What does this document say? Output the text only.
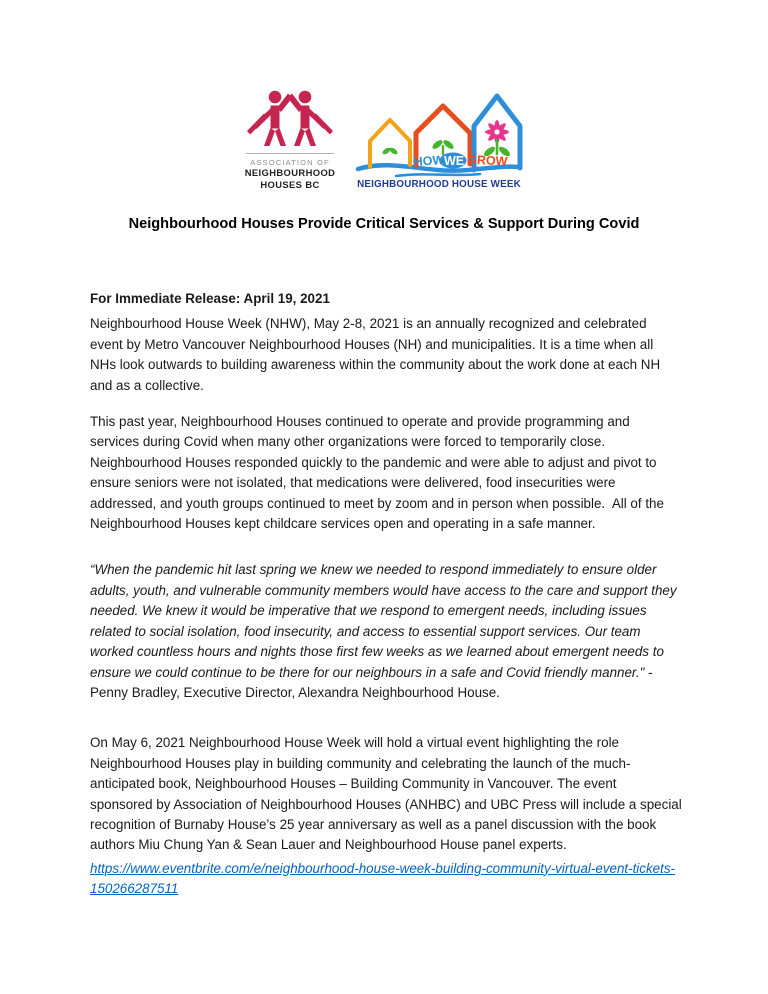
ASSOCIATION OF
NEIGHBOURHOOD
HOUSES BC
HOW WE GROW
NEIGHBOURHOOD HOUSE WEEK
Neighbourhood Houses Provide Critical Services & Support During Covid

For Immediate Release: April 19, 2021

Neighbourhood House Week (NHW), May 2-8, 2021 is an annually recognized and celebrated event by Metro Vancouver Neighbourhood Houses (NH) and municipalities. It is a time when all NHs look outwards to building awareness within the community about the work done at each NH and as a collective.

This past year, Neighbourhood Houses continued to operate and provide programming and services during Covid when many other organizations were forced to temporarily close.  Neighbourhood Houses responded quickly to the pandemic and were able to adjust and pivot to ensure seniors were not isolated, that medications were delivered, food insecurities were addressed, and youth groups continued to meet by zoom and in person when possible.  All of the Neighbourhood Houses kept childcare services open and operating in a safe manner.

“When the pandemic hit last spring we knew we needed to respond immediately to ensure older adults, youth, and vulnerable community members would have access to the care and support they needed. We knew it would be imperative that we respond to emergent needs, including issues related to social isolation, food insecurity, and access to essential support services. Our team worked countless hours and nights those first few weeks as we learned about emergent needs to ensure we could continue to be there for our neighbours in a safe and Covid friendly manner." -Penny Bradley, Executive Director, Alexandra Neighbourhood House.

On May 6, 2021 Neighbourhood House Week will hold a virtual event highlighting the role Neighbourhood Houses play in building community and celebrating the launch of the much-anticipated book, Neighbourhood Houses – Building Community in Vancouver. The event sponsored by Association of Neighbourhood Houses (ANHBC) and UBC Press will include a special recognition of Burnaby House’s 25 year anniversary as well as a panel discussion with the book authors Miu Chung Yan & Sean Lauer and Neighbourhood House panel experts.

https://www.eventbrite.com/e/neighbourhood-house-week-building-community-virtual-event-tickets-150266287511
